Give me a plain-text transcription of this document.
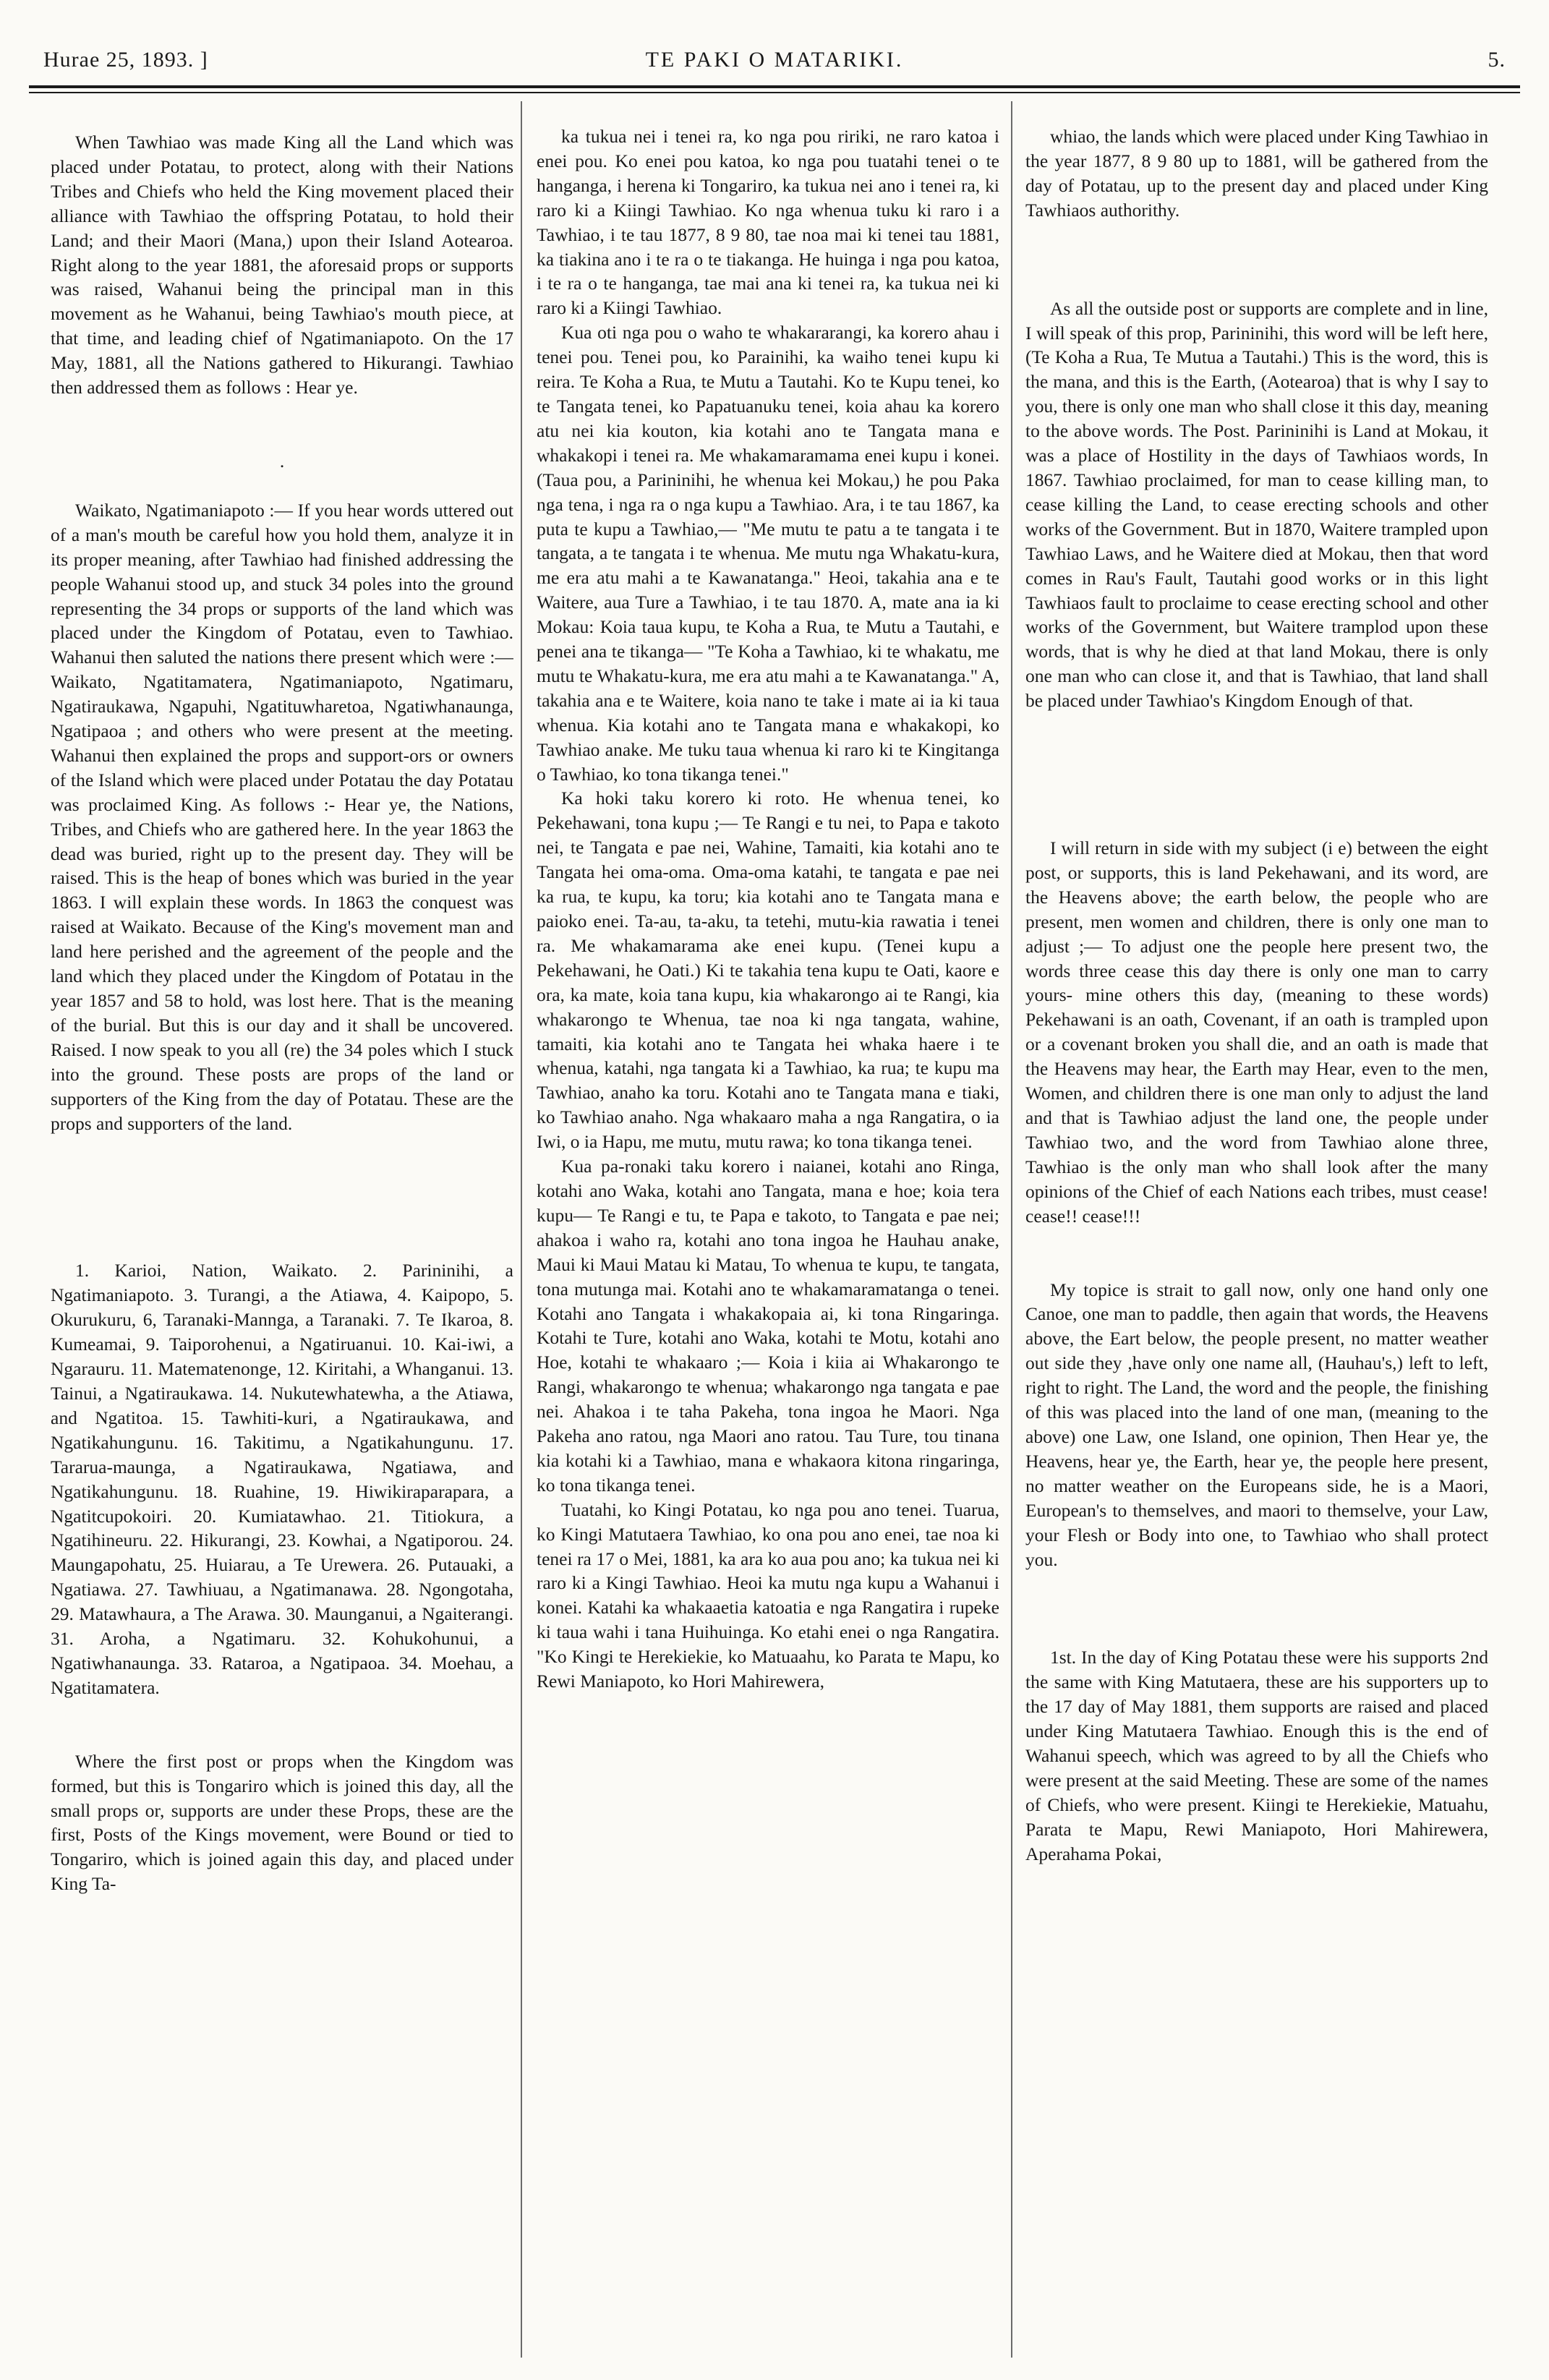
Hurae 25, 1893. ]	TE PAKI O MATARIKI.	5.

When Tawhiao was made King all the Land which was placed under Potatau, to protect, along with their Nations Tribes and Chiefs who held the King movement placed their alliance with Tawhiao the offspring Potatau, to hold their Land; and their Maori (Mana,) upon their Island Aotearoa. Right along to the year 1881, the aforesaid props or supports was raised, Wahanui being the principal man in this movement as he Wahanui, being Tawhiao's mouth piece, at that time, and leading chief of Ngatimaniapoto. On the 17 May, 1881, all the Nations gathered to Hikurangi. Tawhiao then addressed them as follows : Hear ye.

.

Waikato, Ngatimaniapoto :— If you hear words uttered out of a man's mouth be careful how you hold them, analyze it in its proper meaning, after Tawhiao had finished addressing the people Wahanui stood up, and stuck 34 poles into the ground representing the 34 props or supports of the land which was placed under the Kingdom of Potatau, even to Tawhiao. Wahanui then saluted the nations there present which were :— Waikato, Ngatitamatera, Ngatimaniapoto, Ngatimaru, Ngatiraukawa, Ngapuhi, Ngatituwharetoa, Ngatiwhanaunga, Ngatipaoa ; and others who were present at the meeting. Wahanui then explained the props and support-ors or owners of the Island which were placed under Potatau the day Potatau was proclaimed King. As follows :- Hear ye, the Nations, Tribes, and Chiefs who are gathered here. In the year 1863 the dead was buried, right up to the present day. They will be raised. This is the heap of bones which was buried in the year 1863. I will explain these words. In 1863 the conquest was raised at Waikato. Because of the King's movement man and land here perished and the agreement of the people and the land which they placed under the Kingdom of Potatau in the year 1857 and 58 to hold, was lost here. That is the meaning of the burial. But this is our day and it shall be uncovered. Raised. I now speak to you all (re) the 34 poles which I stuck into the ground. These posts are props of the land or supporters of the King from the day of Potatau. These are the props and supporters of the land.

1. Karioi, Nation, Waikato. 2. Parininihi, a Ngatimaniapoto. 3. Turangi, a the Atiawa, 4. Kaipopo, 5. Okurukuru, 6, Taranaki-Mannga, a Taranaki. 7. Te Ikaroa, 8. Kumeamai, 9. Taiporohenui, a Ngatiruanui. 10. Kai-iwi, a Ngarauru. 11. Matematenonge, 12. Kiritahi, a Whanganui. 13. Tainui, a Ngatiraukawa. 14. Nukutewhatewha, a the Atiawa, and Ngatitoa. 15. Tawhiti-kuri, a Ngatiraukawa, and Ngatikahungunu. 16. Takitimu, a Ngatikahungunu. 17. Tararua-maunga, a Ngatiraukawa, Ngatiawa, and Ngatikahungunu. 18. Ruahine, 19. Hiwikiraparapara, a Ngatitcupokoiri. 20. Kumiatawhao. 21. Titiokura, a Ngatihineuru. 22. Hikurangi, 23. Kowhai, a Ngatiporou. 24. Maungapohatu, 25. Huiarau, a Te Urewera. 26. Putauaki, a Ngatiawa. 27. Tawhiuau, a Ngatimanawa. 28. Ngongotaha, 29. Matawhaura, a The Arawa. 30. Maunganui, a Ngaiterangi. 31. Aroha, a Ngatimaru. 32. Kohukohunui, a Ngatiwhanaunga. 33. Rataroa, a Ngatipaoa. 34. Moehau, a Ngatitamatera.

Where the first post or props when the Kingdom was formed, but this is Tongariro which is joined this day, all the small props or, supports are under these Props, these are the first, Posts of the Kings movement, were Bound or tied to Tongariro, which is joined again this day, and placed under King Ta-

ka tukua nei i tenei ra, ko nga pou ririki, ne raro katoa i enei pou. Ko enei pou katoa, ko nga pou tuatahi tenei o te hanganga, i herena ki Tongariro, ka tukua nei ano i tenei ra, ki raro ki a Kiingi Tawhiao. Ko nga whenua tuku ki raro i a Tawhiao, i te tau 1877, 8 9 80, tae noa mai ki tenei tau 1881, ka tiakina ano i te ra o te tiakanga. He huinga i nga pou katoa, i te ra o te hanganga, tae mai ana ki tenei ra, ka tukua nei ki raro ki a Kiingi Tawhiao.

Kua oti nga pou o waho te whakararangi, ka korero ahau i tenei pou. Tenei pou, ko Parainihi, ka waiho tenei kupu ki reira. Te Koha a Rua, te Mutu a Tautahi. Ko te Kupu tenei, ko te Tangata tenei, ko Papatuanuku tenei, koia ahau ka korero atu nei kia kouton, kia kotahi ano te Tangata mana e whakakopi i tenei ra. Me whakamaramama enei kupu i konei. (Taua pou, a Parininihi, he whenua kei Mokau,) he pou Paka nga tena, i nga ra o nga kupu a Tawhiao. Ara, i te tau 1867, ka puta te kupu a Tawhiao,— "Me mutu te patu a te tangata i te tangata, a te tangata i te whenua. Me mutu nga Whakatu-kura, me era atu mahi a te Kawanatanga." Heoi, takahia ana e te Waitere, aua Ture a Tawhiao, i te tau 1870. A, mate ana ia ki Mokau: Koia taua kupu, te Koha a Rua, te Mutu a Tautahi, e penei ana te tikanga— "Te Koha a Tawhiao, ki te whakatu, me mutu te Whakatu-kura, me era atu mahi a te Kawanatanga." A, takahia ana e te Waitere, koia nano te take i mate ai ia ki taua whenua. Kia kotahi ano te Tangata mana e whakakopi, ko Tawhiao anake. Me tuku taua whenua ki raro ki te Kingitanga o Tawhiao, ko tona tikanga tenei."

Ka hoki taku korero ki roto. He whenua tenei, ko Pekehawani, tona kupu ;— Te Rangi e tu nei, to Papa e takoto nei, te Tangata e pae nei, Wahine, Tamaiti, kia kotahi ano te Tangata hei oma-oma. Oma-oma katahi, te tangata e pae nei ka rua, te kupu, ka toru; kia kotahi ano te Tangata mana e paioko enei. Ta-au, ta-aku, ta tetehi, mutu-kia rawatia i tenei ra. Me whakamarama ake enei kupu. (Tenei kupu a Pekehawani, he Oati.) Ki te takahia tena kupu te Oati, kaore e ora, ka mate, koia tana kupu, kia whakarongo ai te Rangi, kia whakarongo te Whenua, tae noa ki nga tangata, wahine, tamaiti, kia kotahi ano te Tangata hei whaka haere i te whenua, katahi, nga tangata ki a Tawhiao, ka rua; te kupu ma Tawhiao, anaho ka toru. Kotahi ano te Tangata mana e tiaki, ko Tawhiao anaho. Nga whakaaro maha a nga Rangatira, o ia Iwi, o ia Hapu, me mutu, mutu rawa; ko tona tikanga tenei.

Kua pa-ronaki taku korero i naianei, kotahi ano Ringa, kotahi ano Waka, kotahi ano Tangata, mana e hoe; koia tera kupu— Te Rangi e tu, te Papa e takoto, to Tangata e pae nei; ahakoa i waho ra, kotahi ano tona ingoa he Hauhau anake, Maui ki Maui Matau ki Matau, To whenua te kupu, te tangata, tona mutunga mai. Kotahi ano te whakamaramatanga o tenei. Kotahi ano Tangata i whakakopaia ai, ki tona Ringaringa. Kotahi te Ture, kotahi ano Waka, kotahi te Motu, kotahi ano Hoe, kotahi te whakaaro ;— Koia i kiia ai Whakarongo te Rangi, whakarongo te whenua; whakarongo nga tangata e pae nei. Ahakoa i te taha Pakeha, tona ingoa he Maori. Nga Pakeha ano ratou, nga Maori ano ratou. Tau Ture, tou tinana kia kotahi ki a Tawhiao, mana e whakaora kitona ringaringa, ko tona tikanga tenei.

Tuatahi, ko Kingi Potatau, ko nga pou ano tenei. Tuarua, ko Kingi Matutaera Tawhiao, ko ona pou ano enei, tae noa ki tenei ra 17 o Mei, 1881, ka ara ko aua pou ano; ka tukua nei ki raro ki a Kingi Tawhiao. Heoi ka mutu nga kupu a Wahanui i konei. Katahi ka whakaaetia katoatia e nga Rangatira i rupeke ki taua wahi i tana Huihuinga. Ko etahi enei o nga Rangatira. "Ko Kingi te Herekiekie, ko Matuaahu, ko Parata te Mapu, ko Rewi Maniapoto, ko Hori Mahirewera,

whiao, the lands which were placed under King Tawhiao in the year 1877, 8 9 80 up to 1881, will be gathered from the day of Potatau, up to the present day and placed under King Tawhiaos authorithy.

As all the outside post or supports are complete and in line, I will speak of this prop, Parininihi, this word will be left here, (Te Koha a Rua, Te Mutua a Tautahi.) This is the word, this is the mana, and this is the Earth, (Aotearoa) that is why I say to you, there is only one man who shall close it this day, meaning to the above words. The Post. Parininihi is Land at Mokau, it was a place of Hostility in the days of Tawhiaos words, In 1867. Tawhiao proclaimed, for man to cease killing man, to cease killing the Land, to cease erecting schools and other works of the Government. But in 1870, Waitere trampled upon Tawhiao Laws, and he Waitere died at Mokau, then that word comes in Rau's Fault, Tautahi good works or in this light Tawhiaos fault to proclaime to cease erecting school and other works of the Government, but Waitere tramplod upon these words, that is why he died at that land Mokau, there is only one man who can close it, and that is Tawhiao, that land shall be placed under Tawhiao's Kingdom Enough of that.

I will return in side with my subject (i e) between the eight post, or supports, this is land Pekehawani, and its word, are the Heavens above; the earth below, the people who are present, men women and children, there is only one man to adjust ;— To adjust one the people here present two, the words three cease this day there is only one man to carry yours- mine others this day, (meaning to these words) Pekehawani is an oath, Covenant, if an oath is trampled upon or a covenant broken you shall die, and an oath is made that the Heavens may hear, the Earth may Hear, even to the men, Women, and children there is one man only to adjust the land and that is Tawhiao adjust the land one, the people under Tawhiao two, and the word from Tawhiao alone three, Tawhiao is the only man who shall look after the many opinions of the Chief of each Nations each tribes, must cease! cease!! cease!!!

My topice is strait to gall now, only one hand only one Canoe, one man to paddle, then again that words, the Heavens above, the Eart below, the people present, no matter weather out side they ,have only one name all, (Hauhau's,) left to left, right to right. The Land, the word and the people, the finishing of this was placed into the land of one man, (meaning to the above) one Law, one Island, one opinion, Then Hear ye, the Heavens, hear ye, the Earth, hear ye, the people here present, no matter weather on the Europeans side, he is a Maori, European's to themselves, and maori to themselve, your Law, your Flesh or Body into one, to Tawhiao who shall protect you.

1st. In the day of King Potatau these were his supports 2nd the same with King Matutaera, these are his supporters up to the 17 day of May 1881, them supports are raised and placed under King Matutaera Tawhiao. Enough this is the end of Wahanui speech, which was agreed to by all the Chiefs who were present at the said Meeting. These are some of the names of Chiefs, who were present. Kiingi te Herekiekie, Matuahu, Parata te Mapu, Rewi Maniapoto, Hori Mahirewera, Aperahama Pokai,
